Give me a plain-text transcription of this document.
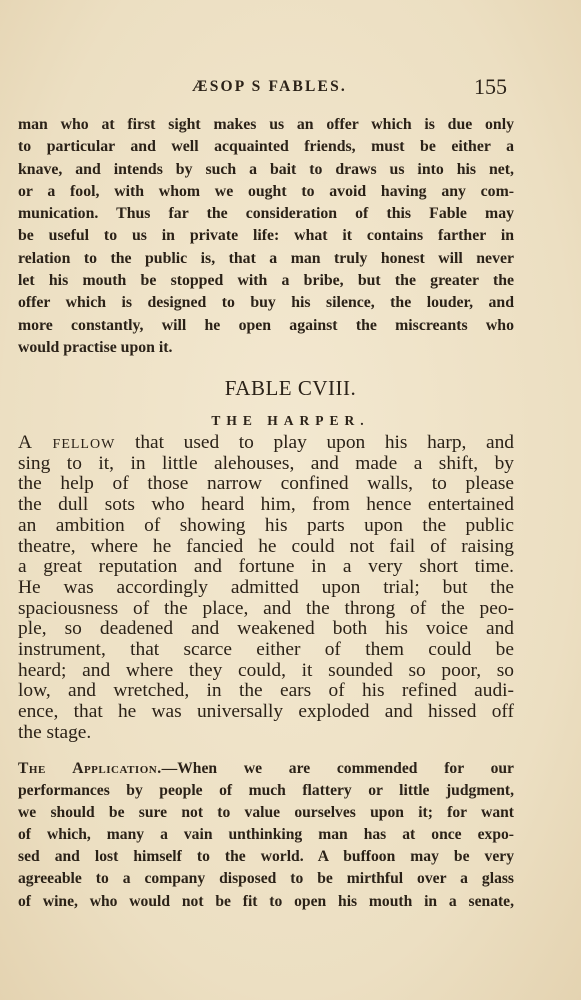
ÆSOP S FABLES.	155
man who at first sight makes us an offer which is due only
to particular and well acquainted friends, must be either a
knave, and intends by such a bait to draws us into his net,
or a fool, with whom we ought to avoid having any com-
munication. Thus far the consideration of this Fable may
be useful to us in private life: what it contains farther in
relation to the public is, that a man truly honest will never
let his mouth be stopped with a bribe, but the greater the
offer which is designed to buy his silence, the louder, and
more constantly, will he open against the miscreants who
would practise upon it.
FABLE CVIII.
THE HARPER.
A fellow that used to play upon his harp, and
sing to it, in little alehouses, and made a shift, by
the help of those narrow confined walls, to please
the dull sots who heard him, from hence entertained
an ambition of showing his parts upon the public
theatre, where he fancied he could not fail of raising
a great reputation and fortune in a very short time.
He was accordingly admitted upon trial; but the
spaciousness of the place, and the throng of the peo-
ple, so deadened and weakened both his voice and
instrument, that scarce either of them could be
heard; and where they could, it sounded so poor, so
low, and wretched, in the ears of his refined audi-
ence, that he was universally exploded and hissed off
the stage.
The Application.—When we are commended for our
performances by people of much flattery or little judgment,
we should be sure not to value ourselves upon it; for want
of which, many a vain unthinking man has at once expo-
sed and lost himself to the world. A buffoon may be very
agreeable to a company disposed to be mirthful over a glass
of wine, who would not be fit to open his mouth in a senate,
